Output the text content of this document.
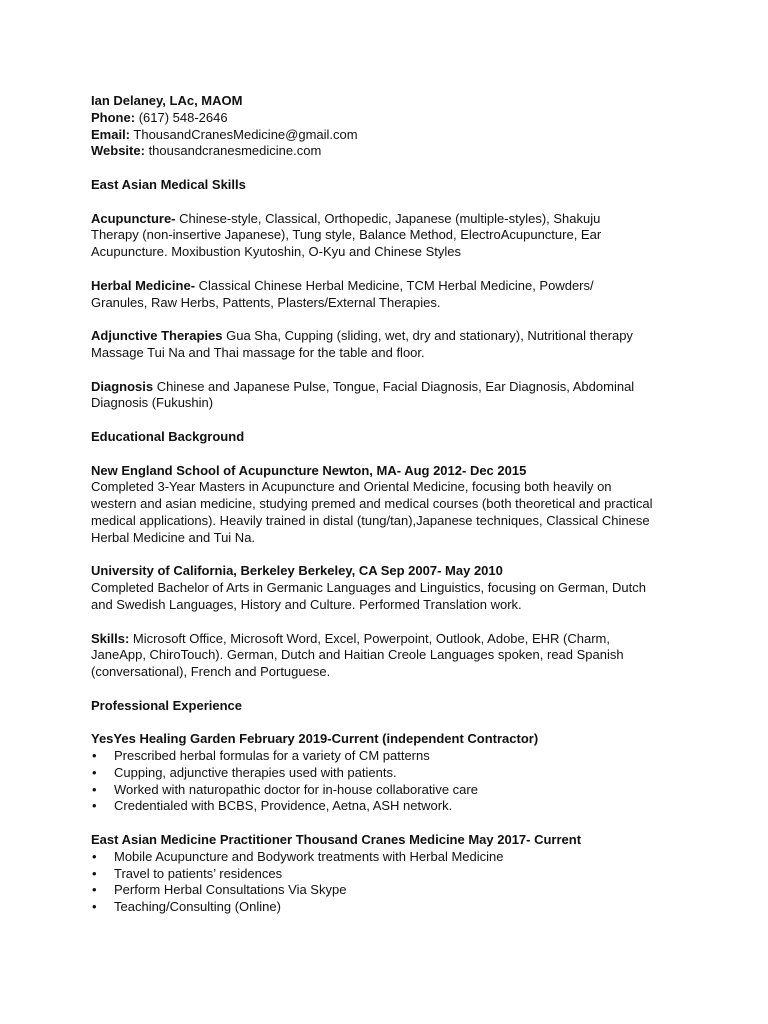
Ian Delaney, LAc, MAOM
Phone: (617) 548-2646
Email: ThousandCranesMedicine@gmail.com
Website: thousandcranesmedicine.com
East Asian Medical Skills
Acupuncture- Chinese-style, Classical, Orthopedic, Japanese (multiple-styles), Shakuju Therapy (non-insertive Japanese), Tung style, Balance Method, ElectroAcupuncture, Ear Acupuncture. Moxibustion Kyutoshin, O-Kyu and Chinese Styles
Herbal Medicine- Classical Chinese Herbal Medicine, TCM Herbal Medicine, Powders/ Granules, Raw Herbs, Pattents, Plasters/External Therapies.
Adjunctive Therapies Gua Sha, Cupping (sliding, wet, dry and stationary), Nutritional therapy Massage Tui Na and Thai massage for the table and floor.
Diagnosis Chinese and Japanese Pulse, Tongue, Facial Diagnosis, Ear Diagnosis, Abdominal Diagnosis (Fukushin)
Educational Background
New England School of Acupuncture Newton, MA- Aug 2012- Dec 2015
Completed 3-Year Masters in Acupuncture and Oriental Medicine, focusing both heavily on western and asian medicine, studying premed and medical courses (both theoretical and practical medical applications). Heavily trained in distal (tung/tan),Japanese techniques, Classical Chinese Herbal Medicine and Tui Na.
University of California, Berkeley Berkeley, CA Sep 2007- May 2010
Completed Bachelor of Arts in Germanic Languages and Linguistics, focusing on German, Dutch and Swedish Languages, History and Culture. Performed Translation work.
Skills: Microsoft Office, Microsoft Word, Excel, Powerpoint, Outlook, Adobe, EHR (Charm, JaneApp, ChiroTouch). German, Dutch and Haitian Creole Languages spoken, read Spanish (conversational), French and Portuguese.
Professional Experience
YesYes Healing Garden February 2019-Current (independent Contractor)
• Prescribed herbal formulas for a variety of CM patterns
• Cupping, adjunctive therapies used with patients.
• Worked with naturopathic doctor for in-house collaborative care
• Credentialed with BCBS, Providence, Aetna, ASH network.
East Asian Medicine Practitioner Thousand Cranes Medicine May 2017- Current
• Mobile Acupuncture and Bodywork treatments with Herbal Medicine
• Travel to patients’ residences
• Perform Herbal Consultations Via Skype
• Teaching/Consulting (Online)
